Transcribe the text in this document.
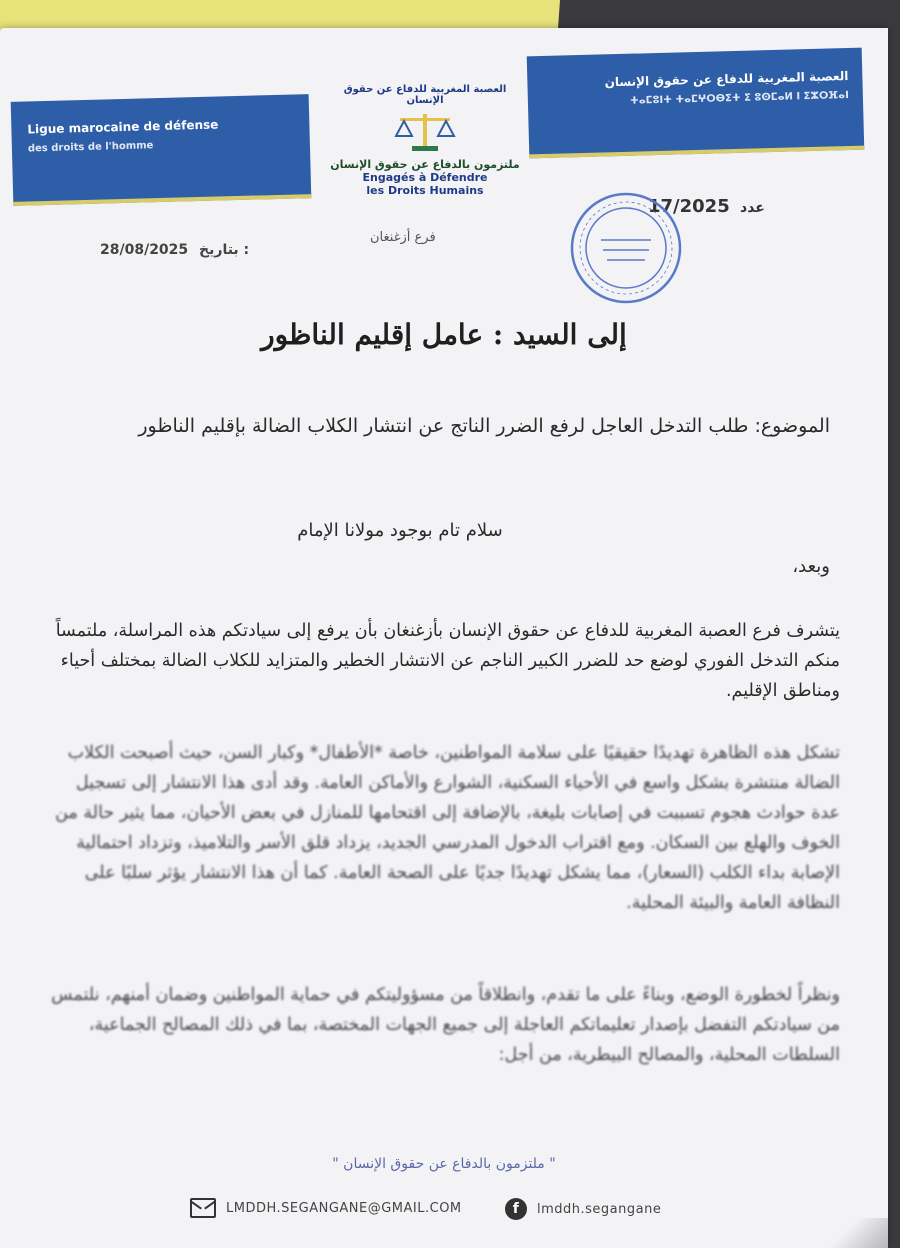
Ligue marocaine de défense
des droits de l'homme
العصبة المغربية للدفاع عن حقوق الإنسان
ⵜⴰⵎⵓⵏⵜ ⵜⴰⵎⵖⵔⴱⵉⵜ ⵉ ⵓⵙⵎⴰⵍ ⵏ ⵉⵣⵔⴼⴰⵏ
العصبة المغربية للدفاع عن حقوق الإنسان
ملتزمون بالدفاع عن حقوق الإنسان
Engagés à Défendre
les Droits Humains
فرع أزغنغان
28/08/2025 بتاريخ :
17/2025 عدد
إلى السيد : عامل إقليم الناظور
الموضوع: طلب التدخل العاجل لرفع الضرر الناتج عن انتشار الكلاب الضالة بإقليم الناظور
سلام تام بوجود مولانا الإمام
وبعد،
يتشرف فرع العصبة المغربية للدفاع عن حقوق الإنسان بأزغنغان بأن يرفع إلى سيادتكم هذه المراسلة، ملتمساً منكم التدخل الفوري لوضع حد للضرر الكبير الناجم عن الانتشار الخطير والمتزايد للكلاب الضالة بمختلف أحياء ومناطق الإقليم.
تشكل هذه الظاهرة تهديدًا حقيقيًا على سلامة المواطنين، خاصة *الأطفال* وكبار السن، حيث أصبحت الكلاب الضالة منتشرة بشكل واسع في الأحياء السكنية، الشوارع والأماكن العامة. وقد أدى هذا الانتشار إلى تسجيل عدة حوادث هجوم تسببت في إصابات بليغة، بالإضافة إلى اقتحامها للمنازل في بعض الأحيان، مما يثير حالة من الخوف والهلع بين السكان. ومع اقتراب الدخول المدرسي الجديد، يزداد قلق الأسر والتلاميذ، وتزداد احتمالية الإصابة بداء الكلب (السعار)، مما يشكل تهديدًا جديًا على الصحة العامة. كما أن هذا الانتشار يؤثر سلبًا على النظافة العامة والبيئة المحلية.
ونظراً لخطورة الوضع، وبناءً على ما تقدم، وانطلاقاً من مسؤوليتكم في حماية المواطنين وضمان أمنهم، نلتمس من سيادتكم التفضل بإصدار تعليماتكم العاجلة إلى جميع الجهات المختصة، بما في ذلك المصالح الجماعية، السلطات المحلية، والمصالح البيطرية، من أجل:
" ملتزمون بالدفاع عن حقوق الإنسان "
LMDDH.SEGANGANE@GMAIL.COM	f	lmddh.segangane
